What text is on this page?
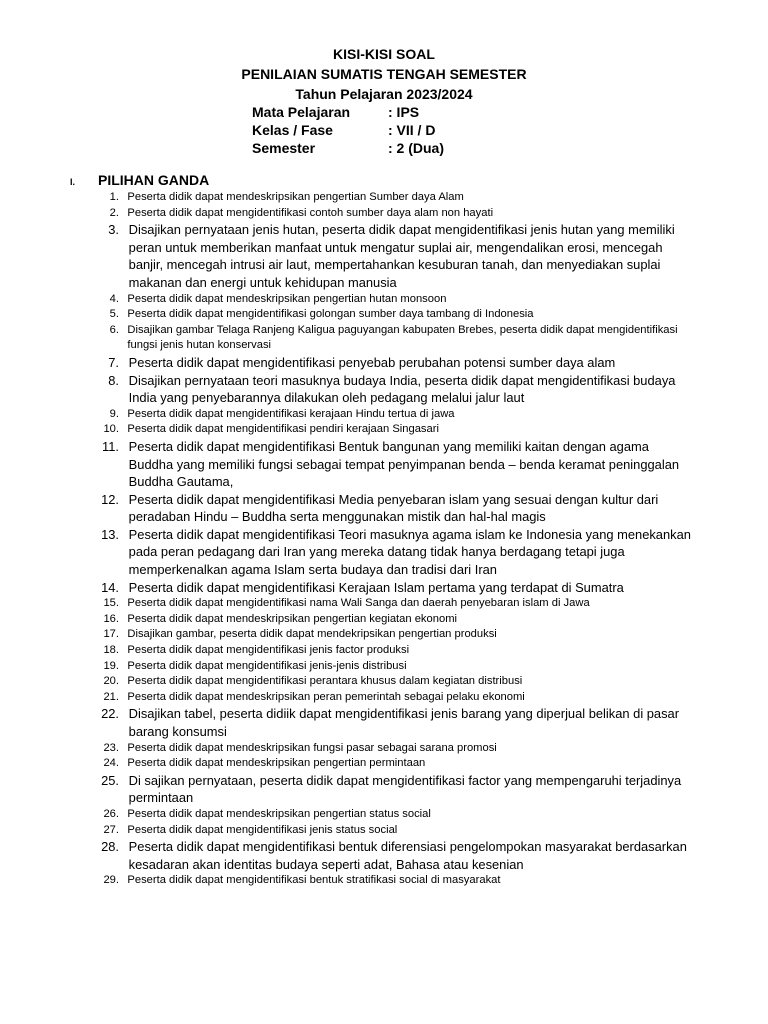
KISI-KISI SOAL
PENILAIAN SUMATIS TENGAH SEMESTER
Tahun Pelajaran 2023/2024
Mata Pelajaran	: IPS
Kelas / Fase	: VII / D
Semester	: 2 (Dua)
I.	PILIHAN GANDA
1. Peserta didik dapat mendeskripsikan pengertian Sumber daya Alam
2. Peserta didik dapat mengidentifikasi contoh sumber daya alam non hayati
3. Disajikan pernyataan jenis hutan, peserta didik dapat mengidentifikasi jenis hutan yang memiliki peran untuk memberikan manfaat untuk mengatur suplai air, mengendalikan erosi, mencegah banjir, mencegah intrusi air laut, mempertahankan kesuburan tanah, dan menyediakan suplai makanan dan energi untuk kehidupan manusia
4. Peserta didik dapat mendeskripsikan pengertian hutan monsoon
5. Peserta didik dapat mengidentifikasi golongan sumber daya tambang di Indonesia
6. Disajikan gambar Telaga Ranjeng Kaligua paguyangan kabupaten Brebes, peserta didik dapat mengidentifikasi fungsi jenis hutan konservasi
7. Peserta didik dapat mengidentifikasi penyebab perubahan potensi sumber daya alam
8. Disajikan pernyataan teori masuknya budaya India, peserta didik dapat mengidentifikasi budaya India yang penyebarannya dilakukan oleh pedagang melalui jalur laut
9. Peserta didik dapat mengidentifikasi kerajaan Hindu tertua di jawa
10. Peserta didik dapat mengidentifikasi pendiri kerajaan Singasari
11. Peserta didik dapat mengidentifikasi Bentuk bangunan yang memiliki kaitan dengan agama Buddha yang memiliki fungsi sebagai tempat penyimpanan benda – benda keramat peninggalan Buddha Gautama,
12. Peserta didik dapat mengidentifikasi Media penyebaran islam yang sesuai dengan kultur dari peradaban Hindu – Buddha serta menggunakan mistik dan hal-hal magis
13. Peserta didik dapat mengidentifikasi Teori masuknya agama islam ke Indonesia yang menekankan pada peran pedagang dari Iran yang mereka datang tidak hanya berdagang tetapi juga memperkenalkan agama Islam serta budaya dan tradisi dari Iran
14. Peserta didik dapat mengidentifikasi Kerajaan Islam pertama yang terdapat di Sumatra
15. Peserta didik dapat mengidentifikasi nama Wali Sanga dan daerah penyebaran islam di Jawa
16. Peserta didik dapat mendeskripsikan pengertian kegiatan ekonomi
17. Disajikan gambar, peserta didik dapat mendekripsikan pengertian produksi
18. Peserta didik dapat mengidentifikasi jenis factor produksi
19. Peserta didik dapat mengidentifikasi jenis-jenis distribusi
20. Peserta didik dapat mengidentifikasi perantara khusus dalam kegiatan distribusi
21. Peserta didik dapat mendeskripsikan peran pemerintah sebagai pelaku ekonomi
22. Disajikan tabel, peserta didiik dapat mengidentifikasi jenis barang yang diperjual belikan di pasar barang konsumsi
23. Peserta didik dapat mendeskripsikan fungsi pasar sebagai sarana promosi
24. Peserta didik dapat mendeskripsikan pengertian permintaan
25. Di sajikan pernyataan, peserta didik dapat mengidentifikasi factor yang mempengaruhi terjadinya permintaan
26. Peserta didik dapat mendeskripsikan pengertian status social
27. Peserta didik dapat mengidentifikasi jenis status social
28. Peserta didik dapat mengidentifikasi bentuk diferensiasi pengelompokan masyarakat berdasarkan kesadaran akan identitas budaya seperti adat, Bahasa atau kesenian
29. Peserta didik dapat mengidentifikasi bentuk stratifikasi social di masyarakat
